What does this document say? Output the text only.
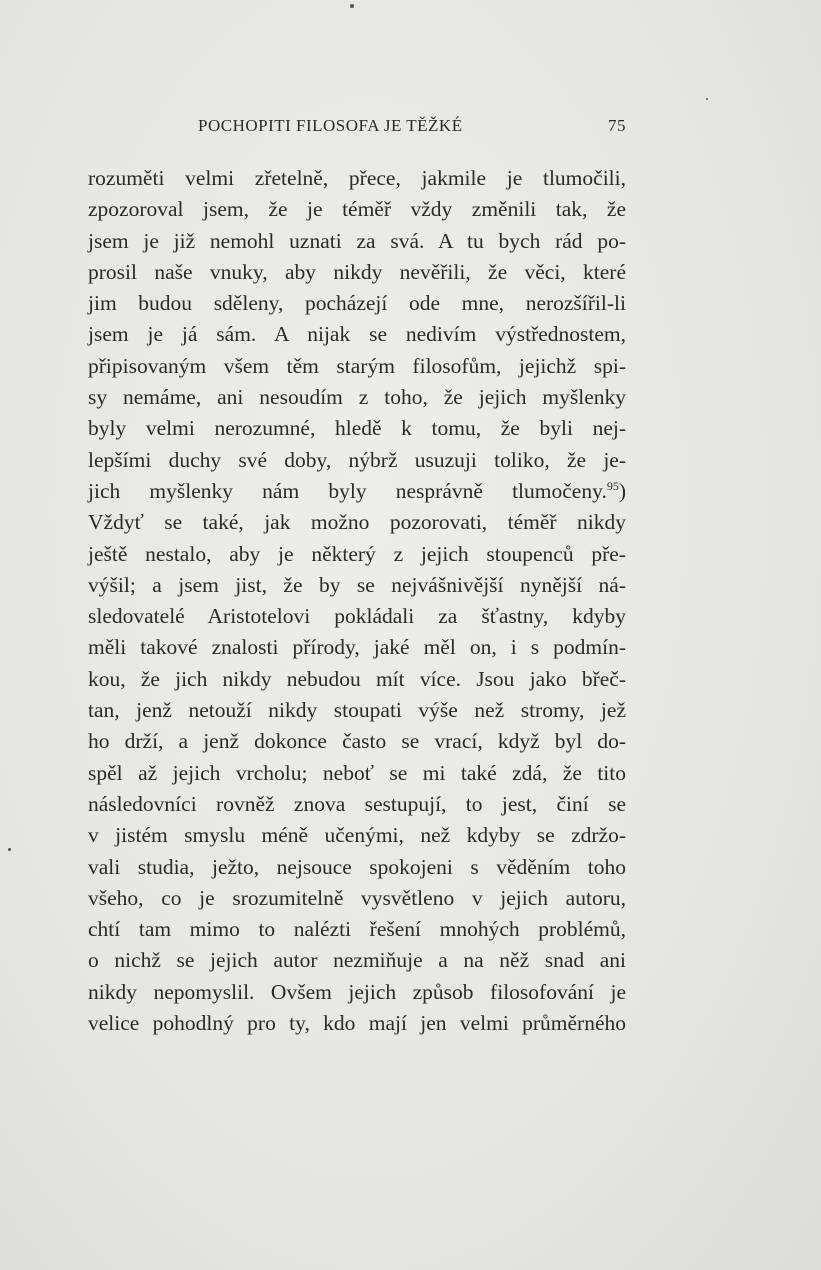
POCHOPITI FILOSOFA JE TĚŽKÉ	75
rozuměti velmi zřetelně, přece, jakmile je tlumočili,
zpozoroval jsem, že je téměř vždy změnili tak, že
jsem je již nemohl uznati za svá. A tu bych rád po-
prosil naše vnuky, aby nikdy nevěřili, že věci, které
jim budou sděleny, pocházejí ode mne, nerozšířil-li
jsem je já sám. A nijak se nedivím výstřednostem,
připisovaným všem těm starým filosofům, jejichž spi-
sy nemáme, ani nesoudím z toho, že jejich myšlenky
byly velmi nerozumné, hledě k tomu, že byli nej-
lepšími duchy své doby, nýbrž usuzuji toliko, že je-
jich myšlenky nám byly nesprávně tlumočeny.$^{95}$)
Vždyť se také, jak možno pozorovati, téměř nikdy
ještě nestalo, aby je některý z jejich stoupenců pře-
výšil; a jsem jist, že by se nejvášnivější nynější ná-
sledovatelé Aristotelovi pokládali za šťastny, kdyby
měli takové znalosti přírody, jaké měl on, i s podmín-
kou, že jich nikdy nebudou mít více. Jsou jako břeč-
tan, jenž netouží nikdy stoupati výše než stromy, jež
ho drží, a jenž dokonce často se vrací, když byl do-
spěl až jejich vrcholu; neboť se mi také zdá, že tito
následovníci rovněž znova sestupují, to jest, činí se
v jistém smyslu méně učenými, než kdyby se zdržo-
vali studia, ježto, nejsouce spokojeni s věděním toho
všeho, co je srozumitelně vysvětleno v jejich autoru,
chtí tam mimo to nalézti řešení mnohých problémů,
o nichž se jejich autor nezmiňuje a na něž snad ani
nikdy nepomyslil. Ovšem jejich způsob filosofování je
velice pohodlný pro ty, kdo mají jen velmi průměrného
